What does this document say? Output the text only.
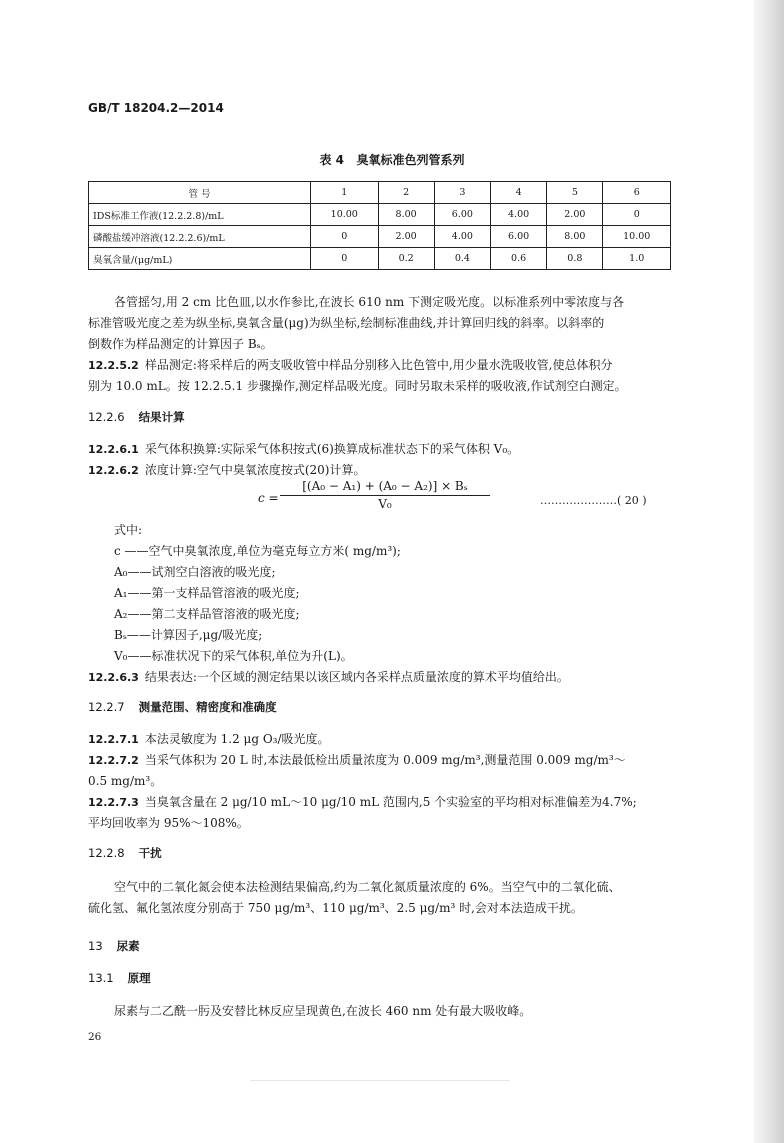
GB/T 18204.2—2014
表 4   臭氧标准色列管系列
管 号	1	2	3	4	5	6
IDS标准工作液(12.2.2.8)/mL	10.00	8.00	6.00	4.00	2.00	0
磷酸盐缓冲溶液(12.2.2.6)/mL	0	2.00	4.00	6.00	8.00	10.00
臭氧含量/(μg/mL)	0	0.2	0.4	0.6	0.8	1.0
各管摇匀,用 2 cm 比色皿,以水作参比,在波长 610 nm 下测定吸光度。以标准系列中零浓度与各
标准管吸光度之差为纵坐标,臭氧含量(μg)为纵坐标,绘制标准曲线,并计算回归线的斜率。以斜率的
倒数作为样品测定的计算因子 Bₛ。
12.2.5.2 样品测定:将采样后的两支吸收管中样品分别移入比色管中,用少量水洗吸收管,使总体积分
别为 10.0 mL。按 12.2.5.1 步骤操作,测定样品吸光度。同时另取未采样的吸收液,作试剂空白测定。
12.2.6 结果计算
12.2.6.1 采气体积换算:实际采气体积按式(6)换算成标准状态下的采气体积 V₀。
12.2.6.2 浓度计算:空气中臭氧浓度按式(20)计算。
$c = \frac{\text{[(A₀ − A₁) + (A₀ − A₂)] × Bₛ}}{\text{V₀}}$	…………………( 20 )
式中:
c ——空气中臭氧浓度,单位为毫克每立方米( mg/m³);
A₀——试剂空白溶液的吸光度;
A₁——第一支样品管溶液的吸光度;
A₂——第二支样品管溶液的吸光度;
Bₛ——计算因子,μg/吸光度;
V₀——标准状况下的采气体积,单位为升(L)。
12.2.6.3 结果表达:一个区域的测定结果以该区域内各采样点质量浓度的算术平均值给出。
12.2.7 测量范围、精密度和准确度
12.2.7.1 本法灵敏度为 1.2 μg O₃/吸光度。
12.2.7.2 当采气体积为 20 L 时,本法最低检出质量浓度为 0.009 mg/m³,测量范围 0.009 mg/m³～
0.5 mg/m³。
12.2.7.3 当臭氧含量在 2 μg/10 mL～10 μg/10 mL 范围内,5 个实验室的平均相对标准偏差为4.7%;
平均回收率为 95%～108%。
12.2.8 干扰
空气中的二氧化氮会使本法检测结果偏高,约为二氧化氮质量浓度的 6%。当空气中的二氧化硫、
硫化氢、氟化氢浓度分别高于 750 μg/m³、110 μg/m³、2.5 μg/m³ 时,会对本法造成干扰。
13 尿素
13.1 原理
尿素与二乙酰一肟及安替比林反应呈现黄色,在波长 460 nm 处有最大吸收峰。
26
